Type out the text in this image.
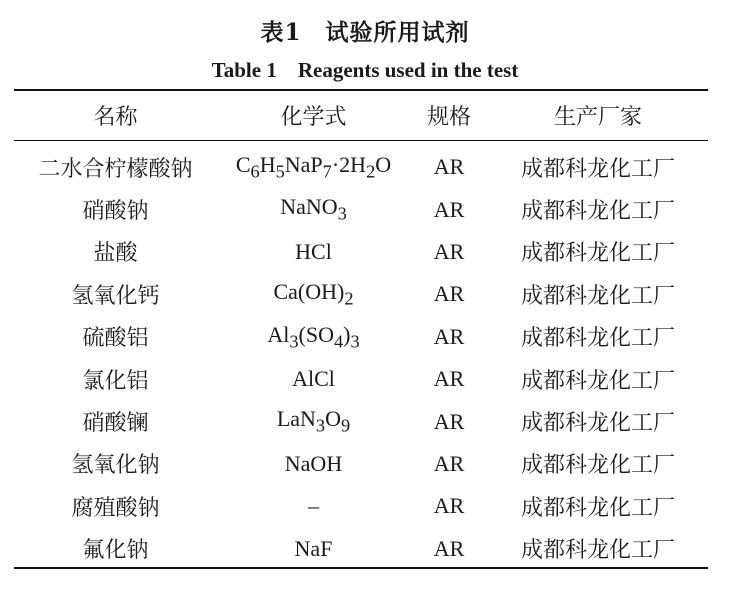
表1　试验所用试剂
Table 1　Reagents used in the test
名称	化学式	规格	生产厂家

二水合柠檬酸钠	$C_6H_5NaP_7\cdot 2H_2O$	AR	成都科龙化工厂
硝酸钠	NaNO$_3$	AR	成都科龙化工厂
盐酸	HCl	AR	成都科龙化工厂
氢氧化钙	$Ca(OH)_2$	AR	成都科龙化工厂
硫酸铝	$Al_3(SO_4)_3$	AR	成都科龙化工厂
氯化铝	AlCl	AR	成都科龙化工厂
硝酸镧	$LaN_3O_9$	AR	成都科龙化工厂
氢氧化钠	NaOH	AR	成都科龙化工厂
腐殖酸钠	–	AR	成都科龙化工厂
氟化钠	NaF	AR	成都科龙化工厂
